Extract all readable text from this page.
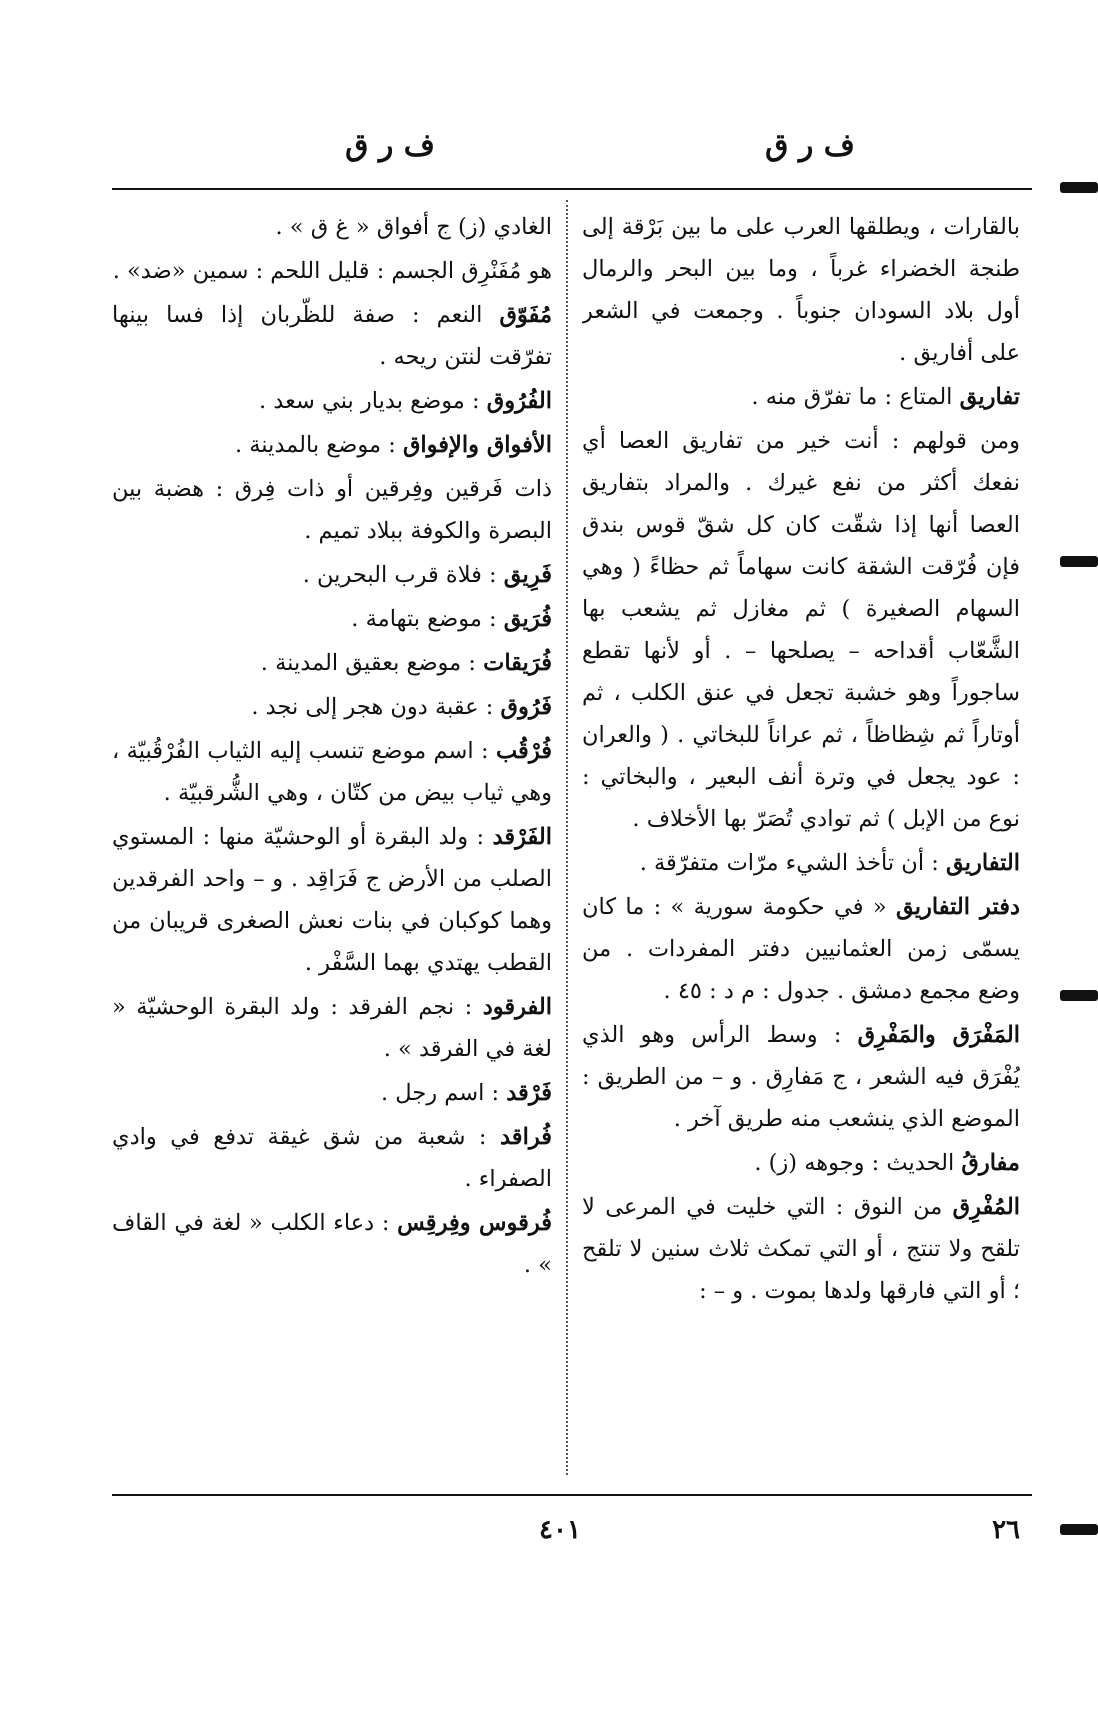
ف ر ق
ف ر ق

بالقارات ، ويطلقها العرب على ما بين بَرْقة إلى طنجة الخضراء غرباً ، وما بين البحر والرمال أول بلاد السودان جنوباً . وجمعت في الشعر على أفاريق .

تفاريق المتاع : ما تفرّق منه .

ومن قولهم : أنت خير من تفاريق العصا أي نفعك أكثر من نفع غيرك . والمراد بتفاريق العصا أنها إذا شقّت كان كل شقّ قوس بندق فإن فُرّقت الشقة كانت سهاماً ثم حظاءً ( وهي السهام الصغيرة ) ثم مغازل ثم يشعب بها الشَّعّاب أقداحه – يصلحها – . أو لأنها تقطع ساجوراً وهو خشبة تجعل في عنق الكلب ، ثم أوتاراً ثم شِظاظاً ، ثم عراناً للبخاتي . ( والعران : عود يجعل في وترة أنف البعير ، والبخاتي : نوع من الإبل ) ثم توادي تُصَرّ بها الأخلاف .

التفاريق : أن تأخذ الشيء مرّات متفرّقة .

دفتر التفاريق « في حكومة سورية » : ما كان يسمّى زمن العثمانيين دفتر المفردات . من وضع مجمع دمشق . جدول : م د : ٤٥ .

المَفْرَق والمَفْرِق : وسط الرأس وهو الذي يُفْرَق فيه الشعر ، ج مَفارِق . و – من الطريق : الموضع الذي ينشعب منه طريق آخر .

مفارقُ الحديث : وجوهه (ز) .

المُفْرِق من النوق : التي خليت في المرعى لا تلقح ولا تنتج ، أو التي تمكث ثلاث سنين لا تلقح ؛ أو التي فارقها ولدها بموت . و – :

الغادي (ز) ج أفواق « غ ق » .

هو مُفَنْرِق الجسم : قليل اللحم : سمين «ضد» .

مُفَوّق النعم : صفة للظّربان إذا فسا بينها تفرّقت لنتن ريحه .

الفُرُوق : موضع بديار بني سعد .

الأفواق والإفواق : موضع بالمدينة .

ذات فَرقين وفِرقين أو ذات فِرق : هضبة بين البصرة والكوفة ببلاد تميم .

فَرِيق : فلاة قرب البحرين .

فُرَيق : موضع بتهامة .

فُرَيقات : موضع بعقيق المدينة .

فَرُوق : عقبة دون هجر إلى نجد .

فُرْقُب : اسم موضع تنسب إليه الثياب الفُرْقُبيّة ، وهي ثياب بيض من كتّان ، وهي الشُّرقبيّة .

الفَرْقد : ولد البقرة أو الوحشيّة منها : المستوي الصلب من الأرض ج فَرَاقِد . و – واحد الفرقدين وهما كوكبان في بنات نعش الصغرى قريبان من القطب يهتدي بهما السَّفْر .

الفرقود : نجم الفرقد : ولد البقرة الوحشيّة « لغة في الفرقد » .

فَرْقد : اسم رجل .

فُراقد : شعبة من شق غيقة تدفع في وادي الصفراء .

فُرقوس وفِرقِس : دعاء الكلب « لغة في القاف » .

٢٦
٤٠١
